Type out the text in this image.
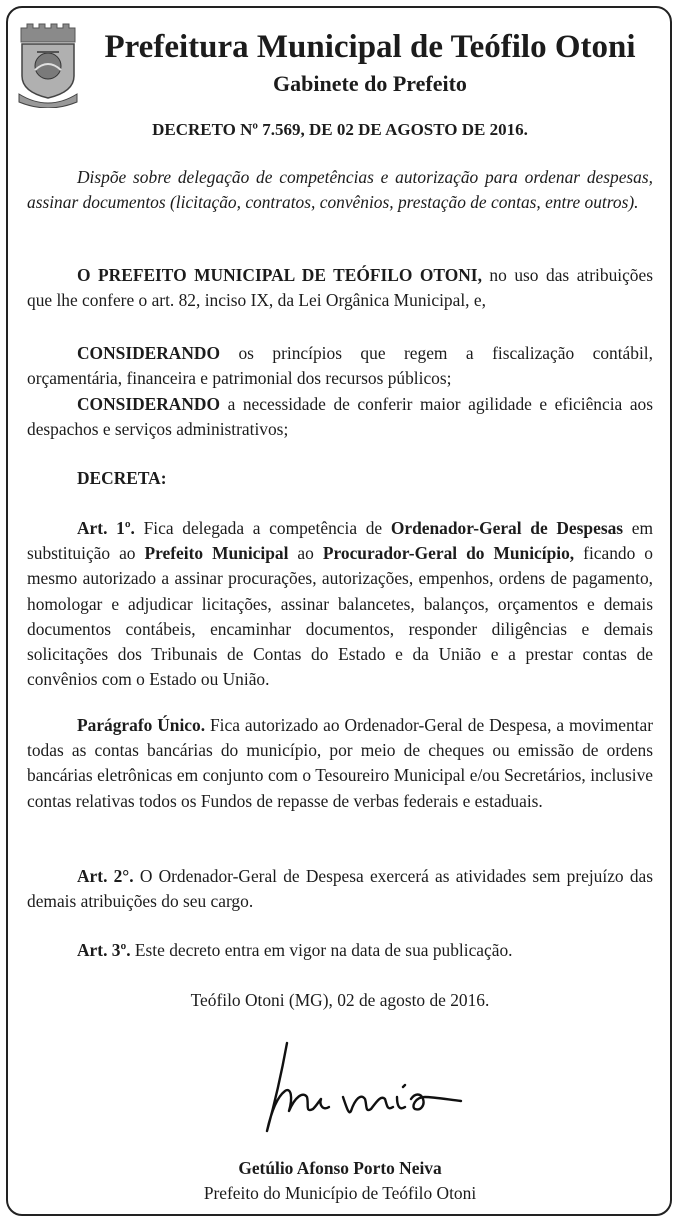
Prefeitura Municipal de Teófilo Otoni
Gabinete do Prefeito
DECRETO Nº 7.569, DE 02 DE AGOSTO DE 2016.

Dispõe sobre delegação de competências e autorização para ordenar despesas, assinar documentos (licitação, contratos, convênios, prestação de contas, entre outros).

O PREFEITO MUNICIPAL DE TEÓFILO OTONI, no uso das atribuições que lhe confere o art. 82, inciso IX, da Lei Orgânica Municipal, e,

CONSIDERANDO os princípios que regem a fiscalização contábil, orçamentária, financeira e patrimonial dos recursos públicos;

CONSIDERANDO a necessidade de conferir maior agilidade e eficiência aos despachos e serviços administrativos;

DECRETA:

Art. 1º. Fica delegada a competência de Ordenador-Geral de Despesas em substituição ao Prefeito Municipal ao Procurador-Geral do Município, ficando o mesmo autorizado a assinar procurações, autorizações, empenhos, ordens de pagamento, homologar e adjudicar licitações, assinar balancetes, balanços, orçamentos e demais documentos contábeis, encaminhar documentos, responder diligências e demais solicitações dos Tribunais de Contas do Estado e da União e a prestar contas de convênios com o Estado ou União.

Parágrafo Único. Fica autorizado ao Ordenador-Geral de Despesa, a movimentar todas as contas bancárias do município, por meio de cheques ou emissão de ordens bancárias eletrônicas em conjunto com o Tesoureiro Municipal e/ou Secretários, inclusive contas relativas todos os Fundos de repasse de verbas federais e estaduais.

Art. 2°. O Ordenador-Geral de Despesa exercerá as atividades sem prejuízo das demais atribuições do seu cargo.

Art. 3º. Este decreto entra em vigor na data de sua publicação.

Teófilo Otoni (MG), 02 de agosto de 2016.
Getúlio Afonso Porto Neiva
Prefeito do Município de Teófilo Otoni
